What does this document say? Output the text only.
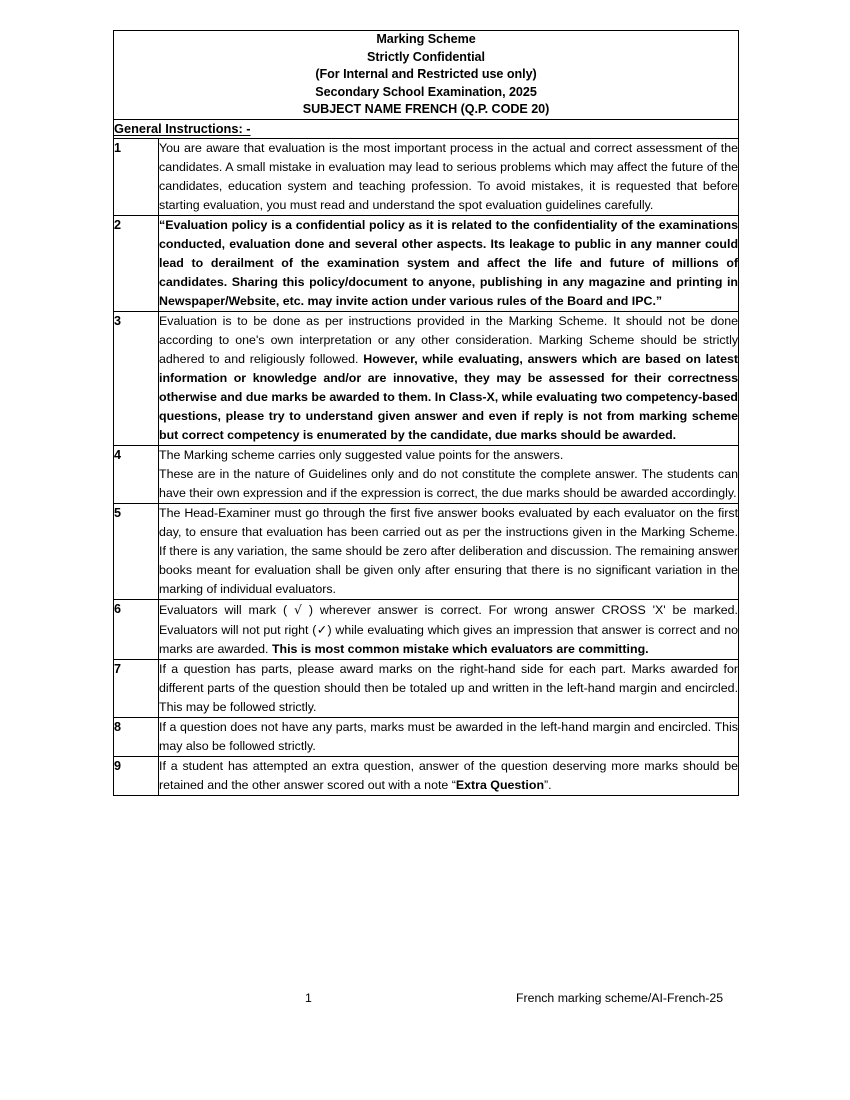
Marking Scheme
Strictly Confidential
(For Internal and Restricted use only)
Secondary School Examination, 2025
SUBJECT NAME FRENCH (Q.P. CODE 20)	

General Instructions: -	
1	You are aware that evaluation is the most important process in the actual and correct assessment of the candidates. A small mistake in evaluation may lead to serious problems which may affect the future of the candidates, education system and teaching profession. To avoid mistakes, it is requested that before starting evaluation, you must read and understand the spot evaluation guidelines carefully.

2	“Evaluation policy is a confidential policy as it is related to the confidentiality of the examinations conducted, evaluation done and several other aspects. Its leakage to public in any manner could lead to derailment of the examination system and affect the life and future of millions of candidates. Sharing this policy/document to anyone, publishing in any magazine and printing in Newspaper/Website, etc. may invite action under various rules of the Board and IPC.”

3	Evaluation is to be done as per instructions provided in the Marking Scheme. It should not be done according to one's own interpretation or any other consideration. Marking Scheme should be strictly adhered to and religiously followed. However, while evaluating, answers which are based on latest information or knowledge and/or are innovative, they may be assessed for their correctness otherwise and due marks be awarded to them. In Class-X, while evaluating two competency-based questions, please try to understand given answer and even if reply is not from marking scheme but correct competency is enumerated by the candidate, due marks should be awarded.

4	The Marking scheme carries only suggested value points for the answers.

These are in the nature of Guidelines only and do not constitute the complete answer. The students can have their own expression and if the expression is correct, the due marks should be awarded accordingly.

5	The Head-Examiner must go through the first five answer books evaluated by each evaluator on the first day, to ensure that evaluation has been carried out as per the instructions given in the Marking Scheme. If there is any variation, the same should be zero after deliberation and discussion. The remaining answer books meant for evaluation shall be given only after ensuring that there is no significant variation in the marking of individual evaluators.

6	Evaluators will mark ( √ ) wherever answer is correct. For wrong answer CROSS 'X' be marked. Evaluators will not put right (✓) while evaluating which gives an impression that answer is correct and no marks are awarded. This is most common mistake which evaluators are committing.

7	If a question has parts, please award marks on the right-hand side for each part. Marks awarded for different parts of the question should then be totaled up and written in the left-hand margin and encircled. This may be followed strictly.

8	If a question does not have any parts, marks must be awarded in the left-hand margin and encircled. This may also be followed strictly.

9	If a student has attempted an extra question, answer of the question deserving more marks should be retained and the other answer scored out with a note “Extra Question”.

1	French marking scheme/AI-French-25
